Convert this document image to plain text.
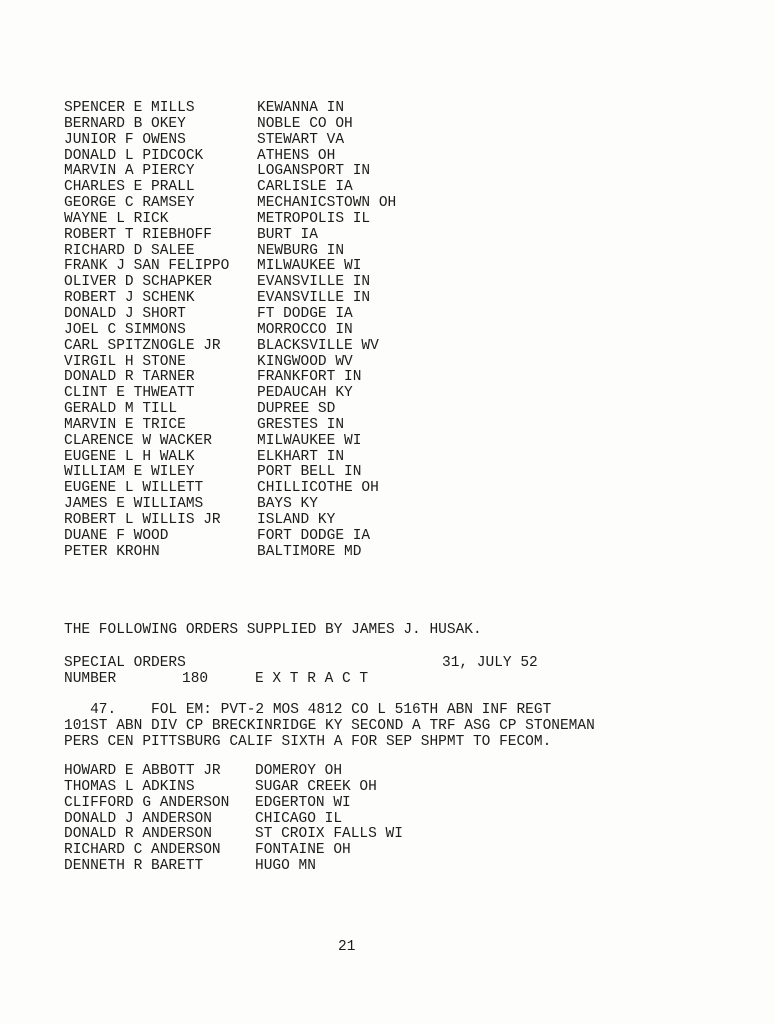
SPENCER E MILLS	KEWANNA IN
BERNARD B OKEY	NOBLE CO OH
JUNIOR F OWENS	STEWART VA
DONALD L PIDCOCK	ATHENS OH
MARVIN A PIERCY	LOGANSPORT IN
CHARLES E PRALL	CARLISLE IA
GEORGE C RAMSEY	MECHANICSTOWN OH
WAYNE L RICK	METROPOLIS IL
ROBERT T RIEBHOFF	BURT IA
RICHARD D SALEE	NEWBURG IN
FRANK J SAN FELIPPO MILWAUKEE WI
OLIVER D SCHAPKER	EVANSVILLE IN
ROBERT J SCHENK	EVANSVILLE IN
DONALD J SHORT	FT DODGE IA
JOEL C SIMMONS	MORROCCO IN
CARL SPITZNOGLE JR	BLACKSVILLE WV
VIRGIL H STONE	KINGWOOD WV
DONALD R TARNER	FRANKFORT IN
CLINT E THWEATT	PEDAUCAH KY
GERALD M TILL	DUPREE SD
MARVIN E TRICE	GRESTES IN
CLARENCE W WACKER	MILWAUKEE WI
EUGENE L H WALK	ELKHART IN
WILLIAM E WILEY	PORT BELL IN
EUGENE L WILLETT	CHILLICOTHE OH
JAMES E WILLIAMS	BAYS KY
ROBERT L WILLIS JR	ISLAND KY
DUANE F WOOD	FORT DODGE IA
PETER KROHN	BALTIMORE MD
THE FOLLOWING ORDERS SUPPLIED BY JAMES J. HUSAK.
SPECIAL ORDERS	31, JULY 52
NUMBER	180	E X T R A C T
47.    FOL EM: PVT-2 MOS 4812 CO L 516TH ABN INF REGT
101ST ABN DIV CP BRECKINRIDGE KY SECOND A TRF ASG CP STONEMAN
PERS CEN PITTSBURG CALIF SIXTH A FOR SEP SHPMT TO FECOM.
HOWARD E ABBOTT JR DOMEROY OH
THOMAS L ADKINS	SUGAR CREEK OH
CLIFFORD G ANDERSON EDGERTON WI
DONALD J ANDERSON	CHICAGO IL
DONALD R ANDERSON	ST CROIX FALLS WI
RICHARD C ANDERSON FONTAINE OH
DENNETH R BARETT	HUGO MN
21
